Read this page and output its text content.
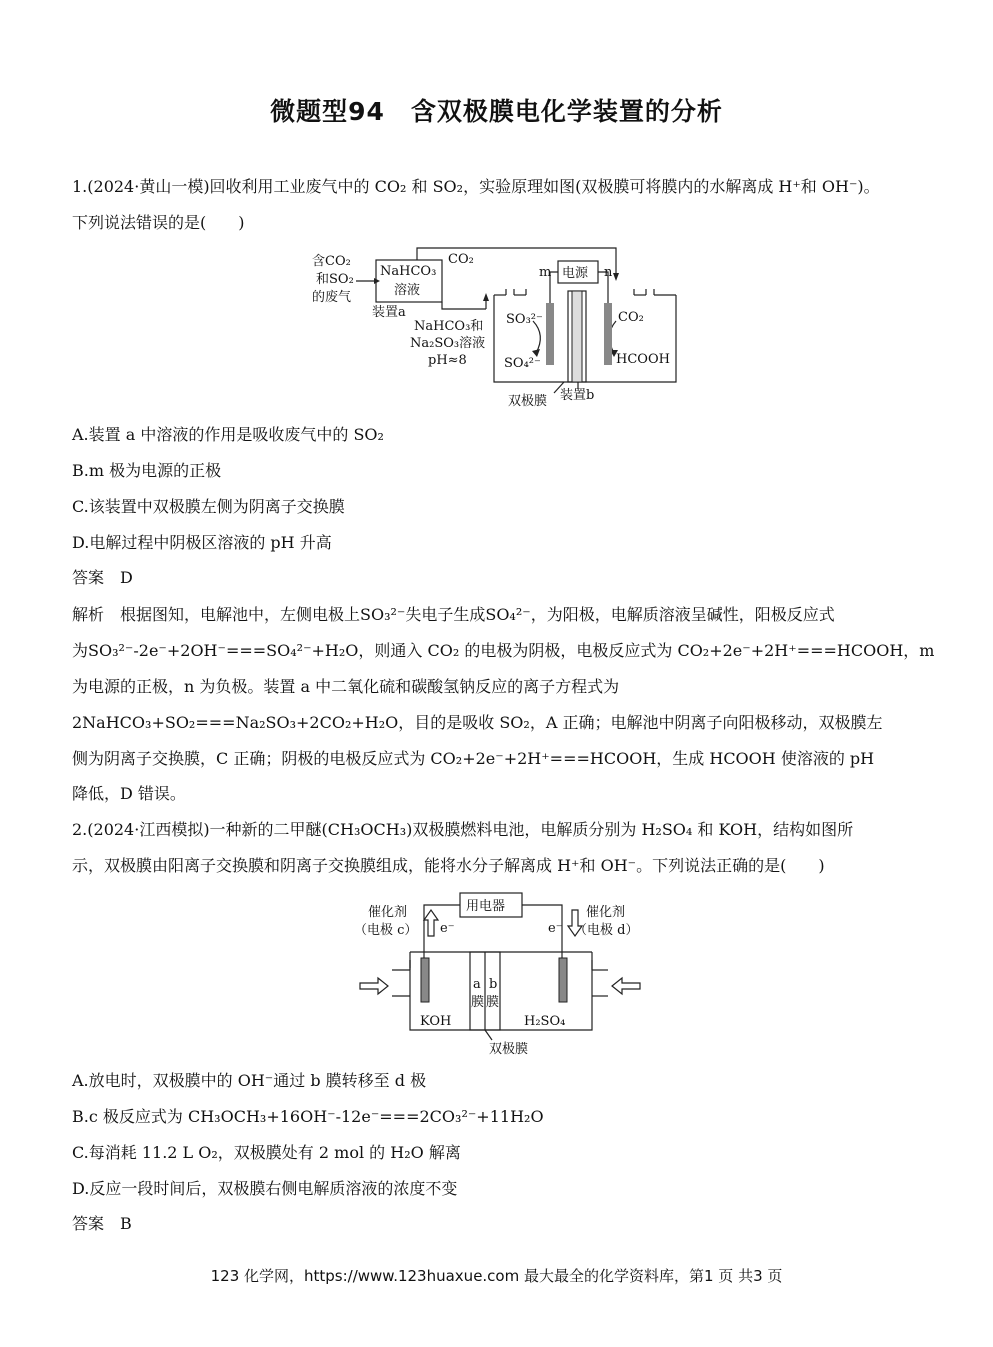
微题型94　含双极膜电化学装置的分析
1.(2024·黄山一模)回收利用工业废气中的 CO₂ 和 SO₂，实验原理如图(双极膜可将膜内的水解离成 H⁺和 OH⁻)。
下列说法错误的是(　　)
含CO₂
和SO₂
的废气
NaHCO₃
溶液
装置a
CO₂
m 电源 n
NaHCO₃和
Na₂SO₃溶液
pH≈8
SO₃²⁻
SO₄²⁻
CO₂
HCOOH
双极膜 装置b
A.装置 a 中溶液的作用是吸收废气中的 SO₂
B.m 极为电源的正极
C.该装置中双极膜左侧为阴离子交换膜
D.电解过程中阴极区溶液的 pH 升高
答案　D
解析　根据图知，电解池中，左侧电极上SO₃²⁻失电子生成SO₄²⁻，为阳极，电解质溶液呈碱性，阳极反应式
为SO₃²⁻-2e⁻+2OH⁻===SO₄²⁻+H₂O，则通入 CO₂ 的电极为阴极，电极反应式为 CO₂+2e⁻+2H⁺===HCOOH，m
为电源的正极，n 为负极。装置 a 中二氧化硫和碳酸氢钠反应的离子方程式为
2NaHCO₃+SO₂===Na₂SO₃+2CO₂+H₂O，目的是吸收 SO₂，A 正确；电解池中阴离子向阳极移动，双极膜左
侧为阴离子交换膜，C 正确；阴极的电极反应式为 CO₂+2e⁻+2H⁺===HCOOH，生成 HCOOH 使溶液的 pH
降低，D 错误。
2.(2024·江西模拟)一种新的二甲醚(CH₃OCH₃)双极膜燃料电池，电解质分别为 H₂SO₄ 和 KOH，结构如图所
示，双极膜由阳离子交换膜和阴离子交换膜组成，能将水分子解离成 H⁺和 OH⁻。下列说法正确的是(　　)
用电器
催化剂
（电极 c）
催化剂
（电极 d）
e⁻	e⁻
a b
膜 膜
KOH	H₂SO₄
双极膜
A.放电时，双极膜中的 OH⁻通过 b 膜转移至 d 极
B.c 极反应式为 CH₃OCH₃+16OH⁻-12e⁻===2CO₃²⁻+11H₂O
C.每消耗 11.2 L O₂，双极膜处有 2 mol 的 H₂O 解离
D.反应一段时间后，双极膜右侧电解质溶液的浓度不变
答案　B
123 化学网，https://www.123huaxue.com 最大最全的化学资料库，第1 页 共3 页
